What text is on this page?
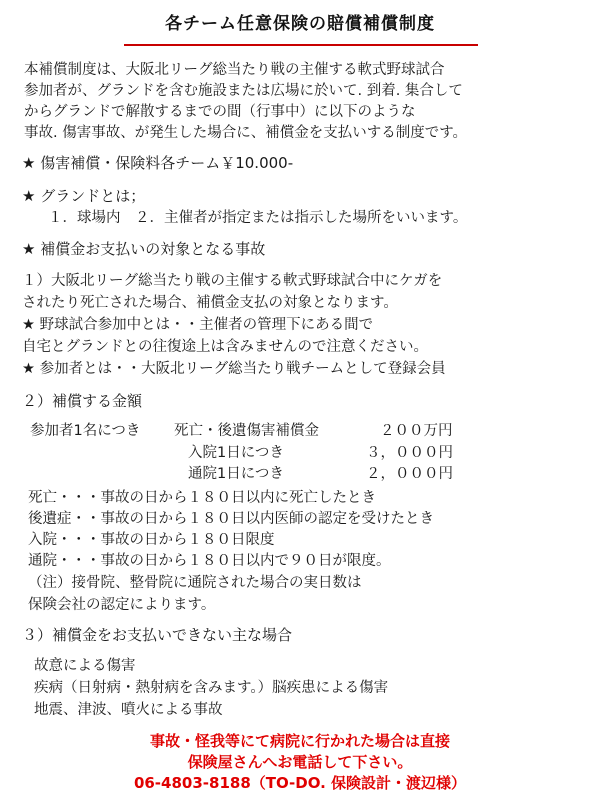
各チーム任意保険の賠償補償制度
本補償制度は、大阪北リーグ総当たり戦の主催する軟式野球試合
参加者が、グランドを含む施設または広場に於いて. 到着. 集合して
からグランドで解散するまでの間（行事中）に以下のような
事故. 傷害事故、が発生した場合に、補償金を支払いする制度です。
★ 傷害補償・保険料各チーム￥10.000-
★ グランドとは；
１．球場内　２．主催者が指定または指示した場所をいいます。
★ 補償金お支払いの対象となる事故
１）大阪北リーグ総当たり戦の主催する軟式野球試合中にケガを
されたり死亡された場合、補償金支払の対象となります。
★ 野球試合参加中とは・・主催者の管理下にある間で
自宅とグランドとの往復途上は含みませんので注意ください。
★ 参加者とは・・大阪北リーグ総当たり戦チームとして登録会員
２）補償する金額
参加者1名につき 死亡・後遺傷害補償金	２００万円
入院1日につき	３，０００円
通院1日につき	２，０００円
死亡・・・事故の日から１８０日以内に死亡したとき
後遺症・・事故の日から１８０日以内医師の認定を受けたとき
入院・・・事故の日から１８０日限度
通院・・・事故の日から１８０日以内で９０日が限度。
（注）接骨院、整骨院に通院された場合の実日数は
保険会社の認定によります。
３）補償金をお支払いできない主な場合
故意による傷害
疾病（日射病・熱射病を含みます。）脳疾患による傷害
地震、津波、噴火による事故
事故・怪我等にて病院に行かれた場合は直接
保険屋さんへお電話して下さい。
06-4803-8188（TO-DO. 保険設計・渡辺様）
